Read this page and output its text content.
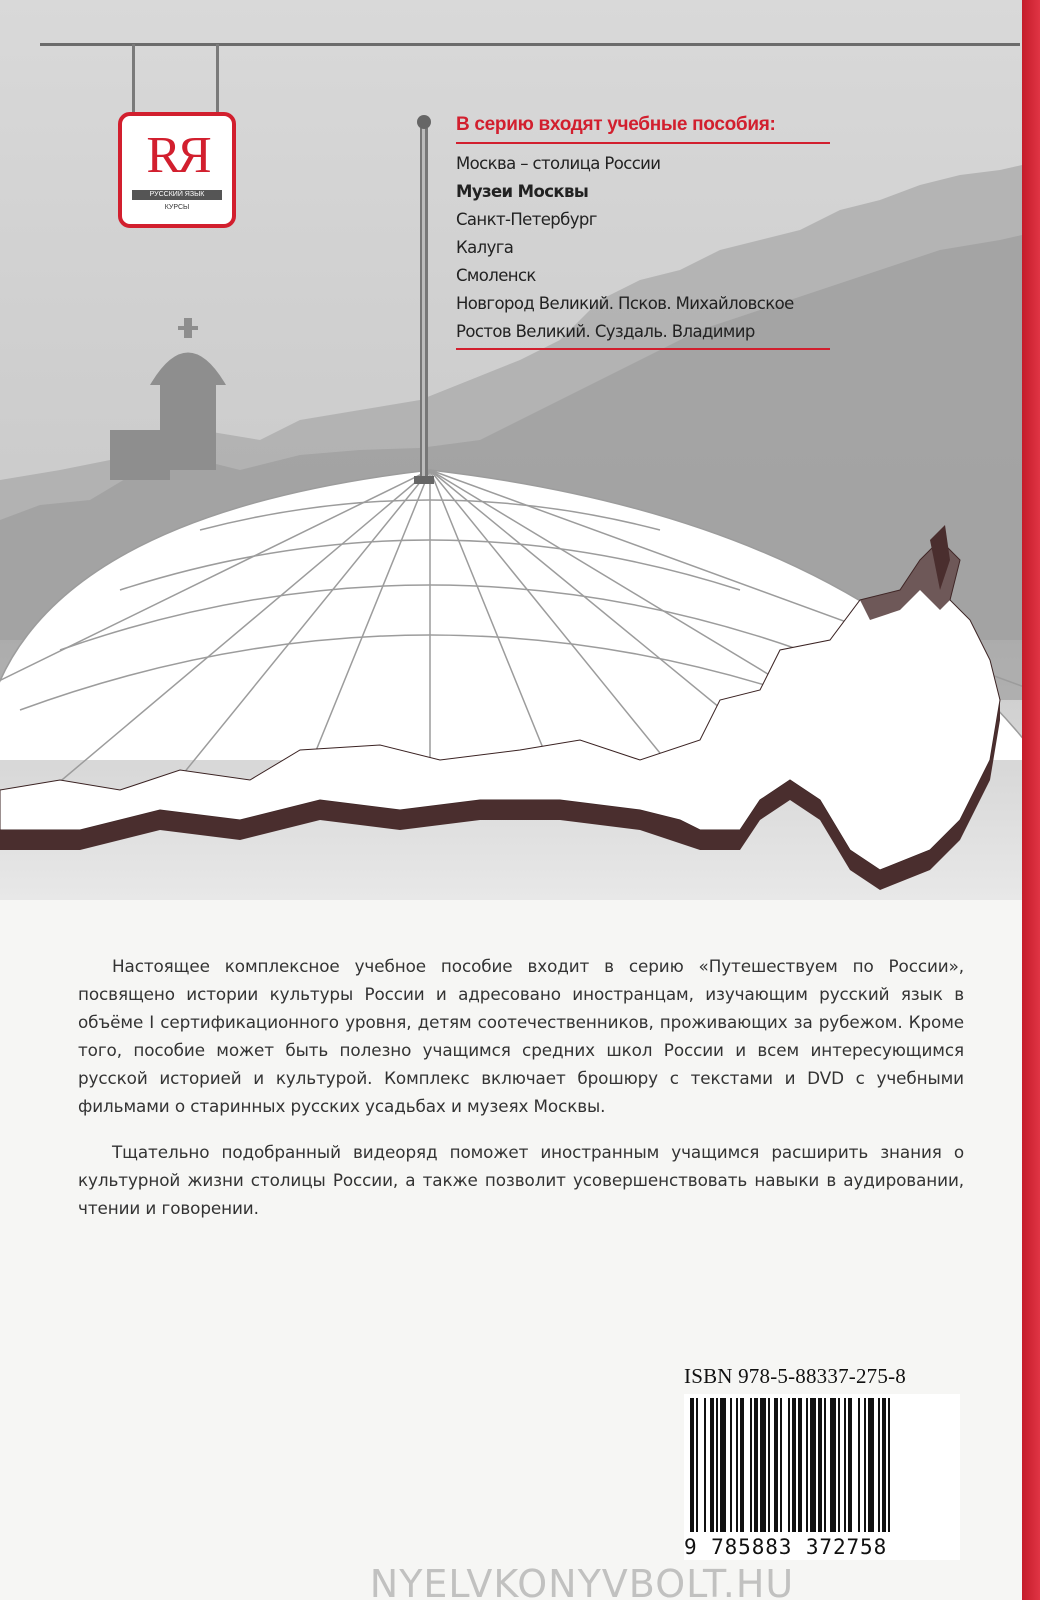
RЯ
РУССКИЙ ЯЗЫК
КУРСЫ
В серию входят учебные пособия:
Москва – столица России
Музеи Москвы
Санкт-Петербург
Калуга
Смоленск
Новгород Великий. Псков. Михайловское
Ростов Великий. Суздаль. Владимир

Настоящее комплексное учебное пособие входит в серию «Путешествуем по России», посвящено истории культуры России и адресовано иностранцам, изучающим русский язык в объёме I сертификационного уровня, детям соотечественников, проживающих за рубежом. Кроме того, пособие может быть полезно учащимся средних школ России и всем интересующимся русской историей и культурой. Комплекс включает брошюру с текстами и DVD с учебными фильмами о старинных русских усадьбах и музеях Москвы.

Тщательно подобранный видеоряд поможет иностранным учащимся расширить знания о культурной жизни столицы России, а также позволит усовершенствовать навыки в аудировании, чтении и говорении.

ISBN 978-5-88337-275-8
9 785883 372758
NYELVKONYVBOLT.HU
